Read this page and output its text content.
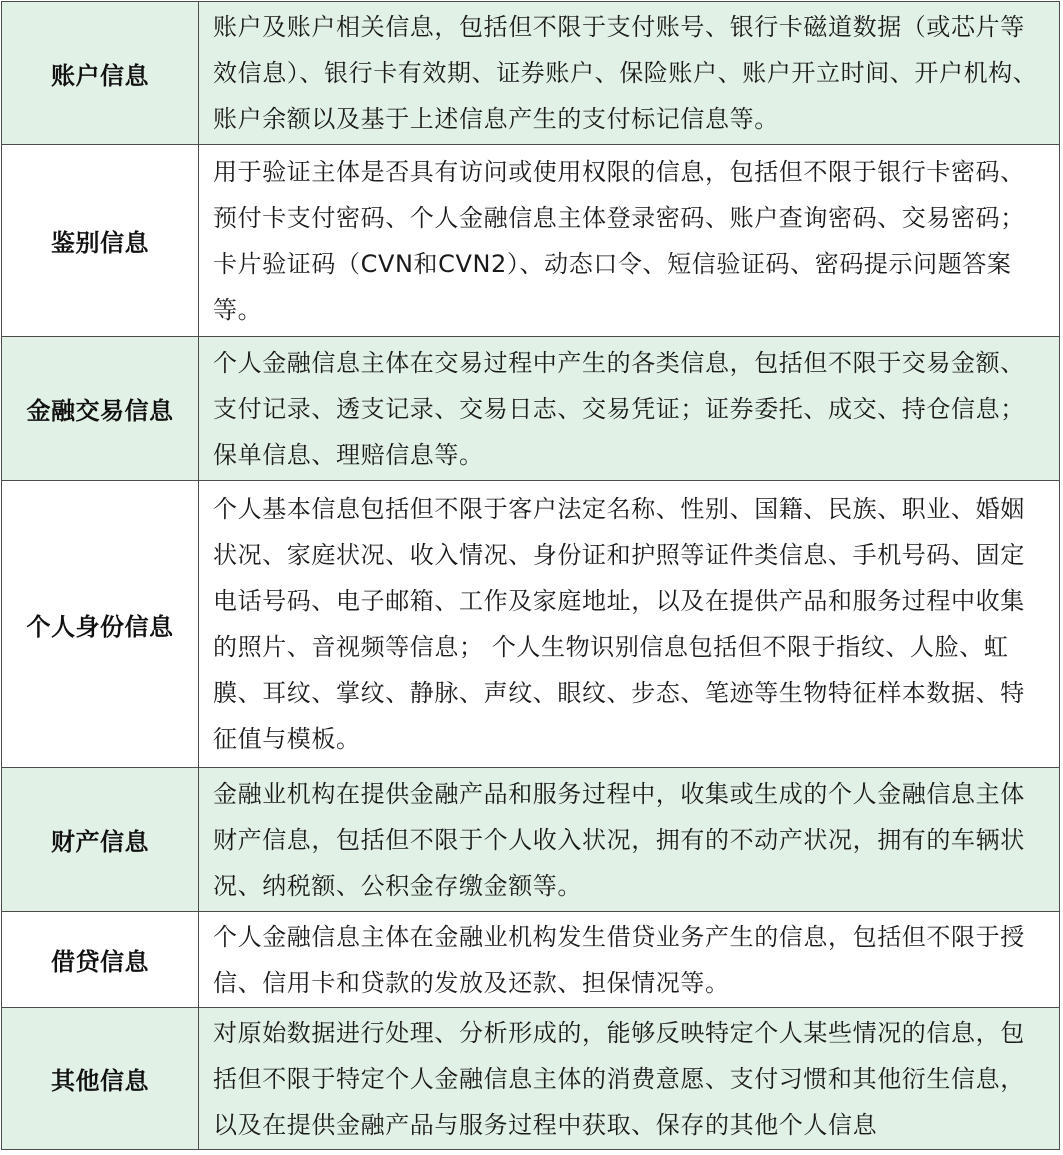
账户信息	账户及账户相关信息，包括但不限于支付账号、银行卡磁道数据（或芯片等效信息）、银行卡有效期、证券账户、保险账户、账户开立时间、开户机构、账户余额以及基于上述信息产生的支付标记信息等。
鉴别信息	用于验证主体是否具有访问或使用权限的信息，包括但不限于银行卡密码、预付卡支付密码、个人金融信息主体登录密码、账户查询密码、交易密码；卡片验证码（CVN和CVN2）、动态口令、短信验证码、密码提示问题答案等。
金融交易信息	个人金融信息主体在交易过程中产生的各类信息，包括但不限于交易金额、支付记录、透支记录、交易日志、交易凭证；证券委托、成交、持仓信息；保单信息、理赔信息等。
个人身份信息	个人基本信息包括但不限于客户法定名称、性别、国籍、民族、职业、婚姻状况、家庭状况、收入情况、身份证和护照等证件类信息、手机号码、固定电话号码、电子邮箱、工作及家庭地址，以及在提供产品和服务过程中收集的照片、音视频等信息； 个人生物识别信息包括但不限于指纹、人脸、虹膜、耳纹、掌纹、静脉、声纹、眼纹、步态、笔迹等生物特征样本数据、特征值与模板。
财产信息	金融业机构在提供金融产品和服务过程中，收集或生成的个人金融信息主体财产信息，包括但不限于个人收入状况，拥有的不动产状况，拥有的车辆状况、纳税额、公积金存缴金额等。
借贷信息	个人金融信息主体在金融业机构发生借贷业务产生的信息，包括但不限于授信、信用卡和贷款的发放及还款、担保情况等。
其他信息	对原始数据进行处理、分析形成的，能够反映特定个人某些情况的信息，包括但不限于特定个人金融信息主体的消费意愿、支付习惯和其他衍生信息，以及在提供金融产品与服务过程中获取、保存的其他个人信息
